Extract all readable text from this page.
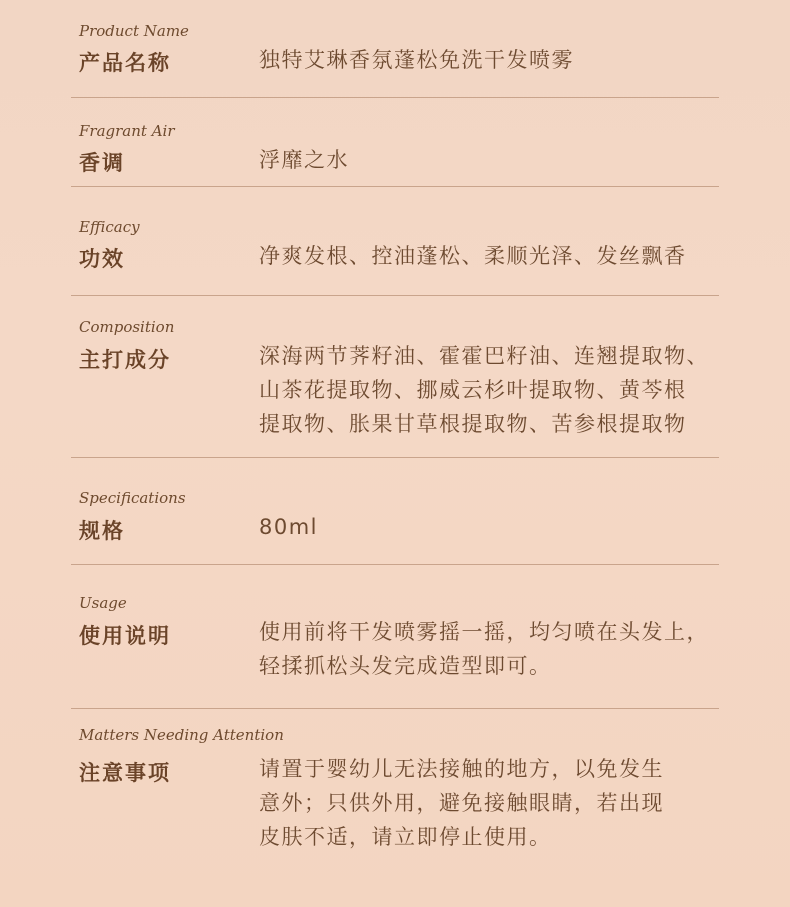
Product Name
产品名称	独特艾琳香氛蓬松免洗干发喷雾
Fragrant Air
香调	浮靡之水
Efficacy
功效	净爽发根、控油蓬松、柔顺光泽、发丝飘香
Composition
主打成分	深海两节荠籽油、霍霍巴籽油、连翘提取物、
山茶花提取物、挪威云杉叶提取物、黄芩根
提取物、胀果甘草根提取物、苦参根提取物
Specifications
规格	80ml
Usage
使用说明	使用前将干发喷雾摇一摇，均匀喷在头发上，
轻揉抓松头发完成造型即可。
Matters Needing Attention
注意事项	请置于婴幼儿无法接触的地方，以免发生
意外；只供外用，避免接触眼睛，若出现
皮肤不适，请立即停止使用。
